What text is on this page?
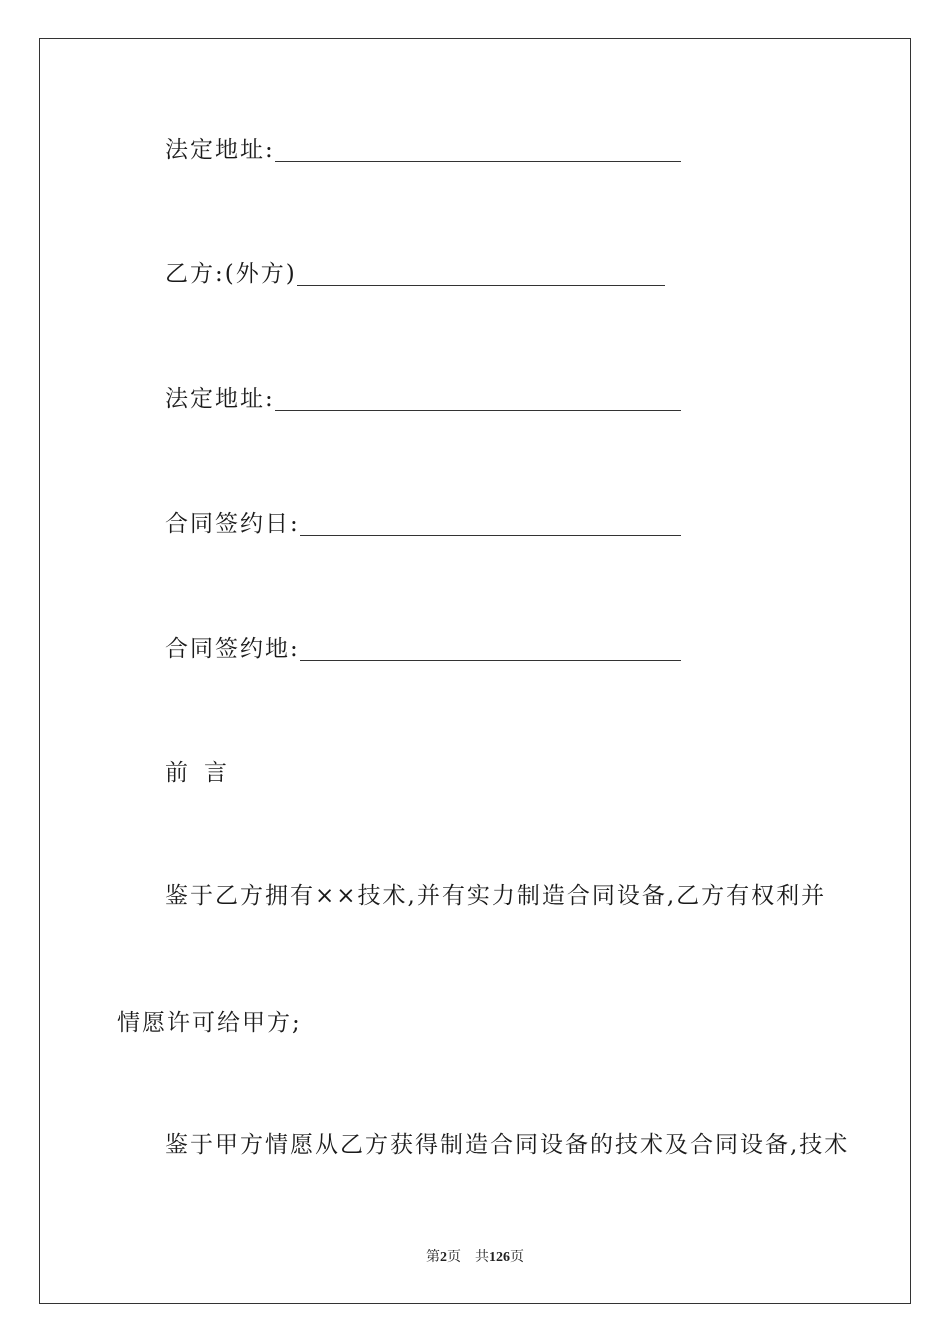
法定地址:
乙方:(外方)
法定地址:
合同签约日:
合同签约地:
前 言
鉴于乙方拥有××技术,并有实力制造合同设备,乙方有权利并
情愿许可给甲方;
鉴于甲方情愿从乙方获得制造合同设备的技术及合同设备,技术
第2页 共126页
